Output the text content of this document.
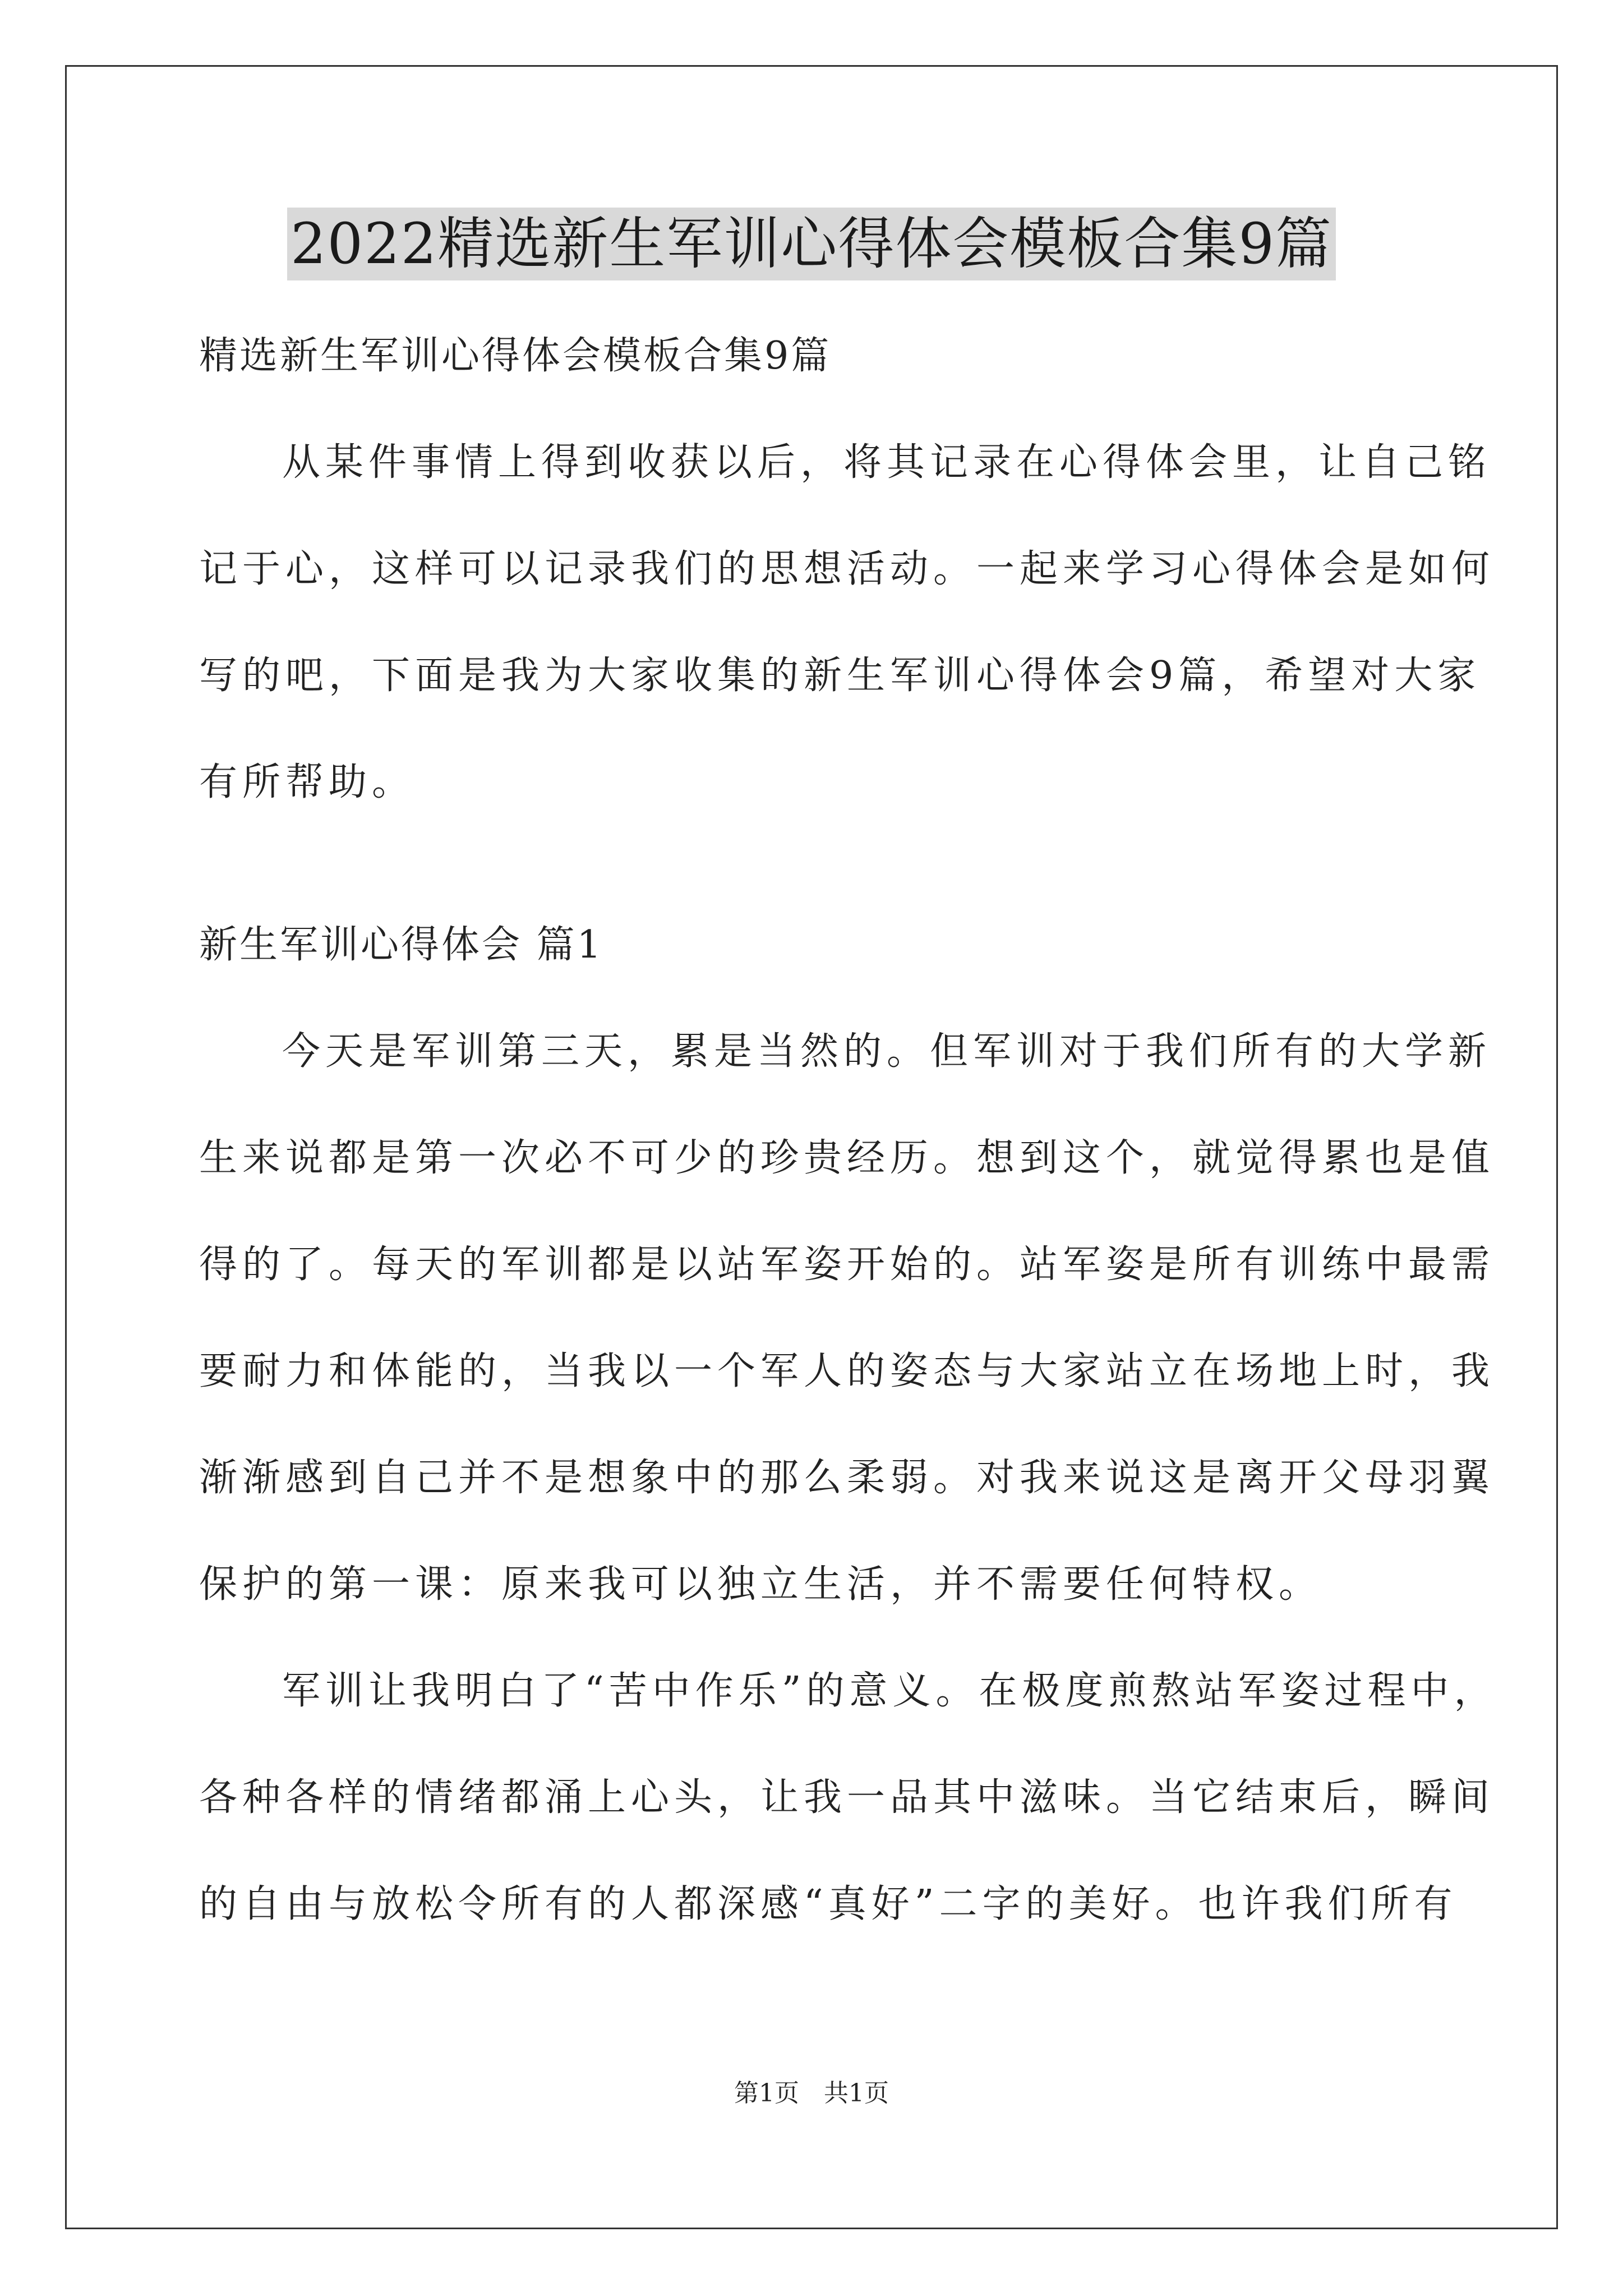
2022精选新生军训心得体会模板合集9篇
精选新生军训心得体会模板合集9篇
从某件事情上得到收获以后，将其记录在心得体会里，让自己铭
记于心，这样可以记录我们的思想活动。一起来学习心得体会是如何
写的吧，下面是我为大家收集的新生军训心得体会9篇，希望对大家
有所帮助。
新生军训心得体会 篇1
今天是军训第三天，累是当然的。但军训对于我们所有的大学新
生来说都是第一次必不可少的珍贵经历。想到这个，就觉得累也是值
得的了。每天的军训都是以站军姿开始的。站军姿是所有训练中最需
要耐力和体能的，当我以一个军人的姿态与大家站立在场地上时，我
渐渐感到自己并不是想象中的那么柔弱。对我来说这是离开父母羽翼
保护的第一课：原来我可以独立生活，并不需要任何特权。
军训让我明白了“苦中作乐”的意义。在极度煎熬站军姿过程中，
各种各样的情绪都涌上心头，让我一品其中滋味。当它结束后，瞬间
的自由与放松令所有的人都深感“真好”二字的美好。也许我们所有
第1页　共1页
